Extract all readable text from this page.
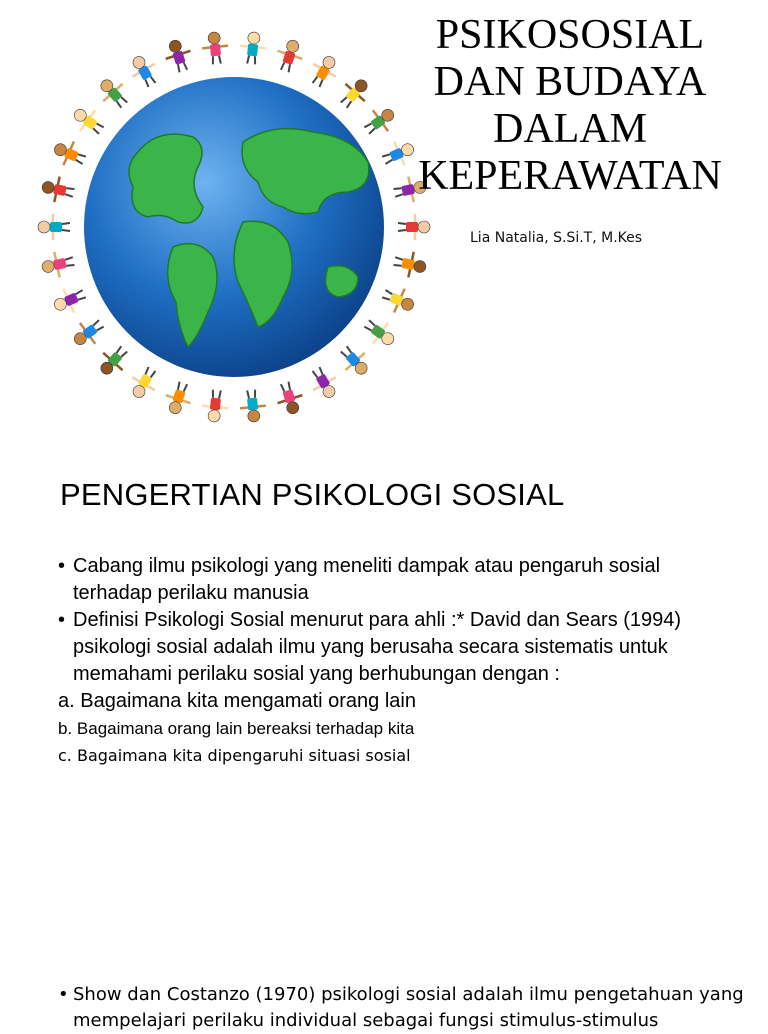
PSIKOSOSIAL
DAN BUDAYA
DALAM
KEPERAWATAN
Lia Natalia, S.Si.T, M.Kes
PENGERTIAN PSIKOLOGI SOSIAL
• Cabang ilmu psikologi yang meneliti dampak atau pengaruh sosial terhadap perilaku manusia
• Definisi Psikologi Sosial menurut para ahli :* David dan Sears (1994) psikologi sosial adalah ilmu yang berusaha secara sistematis untuk memahami perilaku sosial yang berhubungan dengan :
a. Bagaimana kita mengamati orang lain
b. Bagaimana orang lain bereaksi terhadap kita
c. Bagaimana kita dipengaruhi situasi sosial
• Show dan Costanzo (1970) psikologi sosial adalah ilmu pengetahuan yang mempelajari perilaku individual sebagai fungsi stimulus-stimulus
